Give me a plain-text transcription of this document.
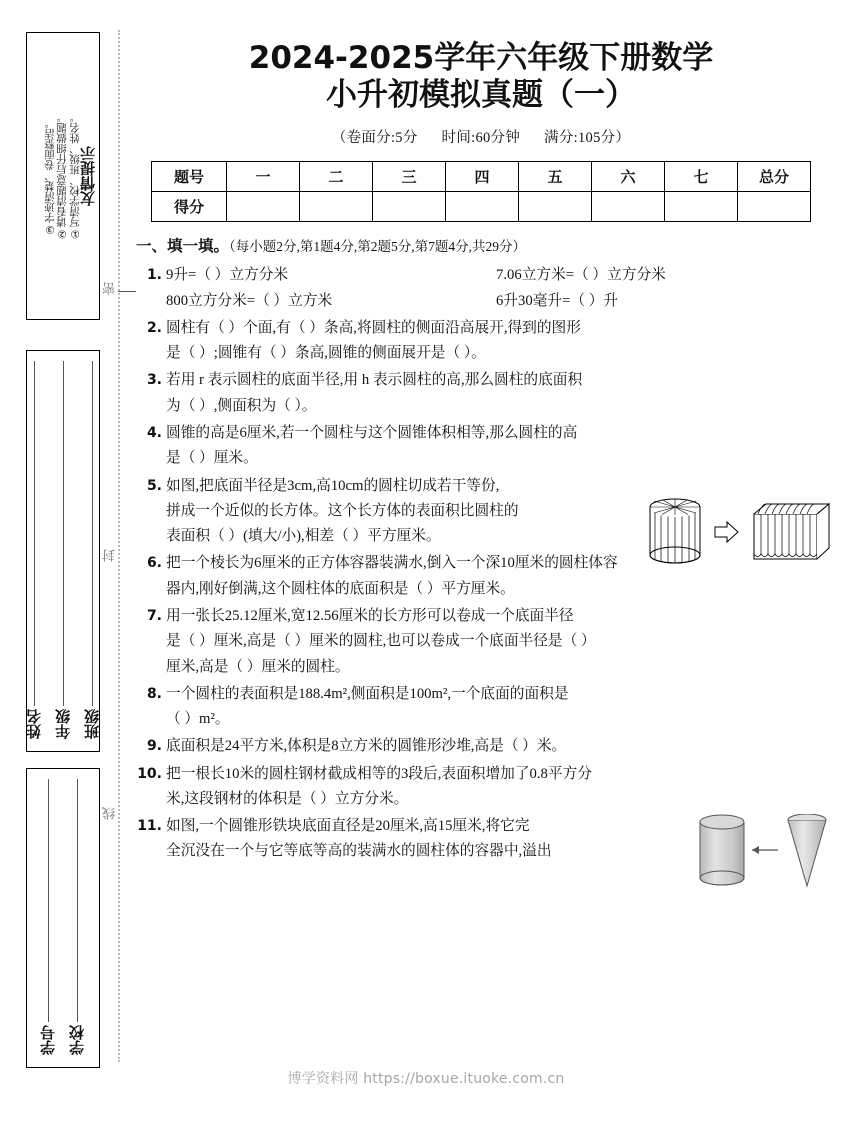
友情提示
①写清学校、班级、姓名。
②请看清题意后仔细做题。
③字迹清楚、卷面整洁。
班级
年级
姓名
学校
学号
密
封
线
2024-2025学年六年级下册数学
小升初模拟真题（一）
（卷面分:5分 时间:60分钟 满分:105分）
题号	一	二	三	四	五	六	七	总分
得分								
一、填一填。（每小题2分,第1题4分,第2题5分,第7题4分,共29分）
1. 9升=（ ）立方分米	7.06立方米=（ ）立方分米
800立方分米=（ ）立方米	6升30毫升=（ ）升
2. 圆柱有（ ）个面,有（ ）条高,将圆柱的侧面沿高展开,得到的图形
是（ ）;圆锥有（ ）条高,圆锥的侧面展开是（ ）。
3. 若用 r 表示圆柱的底面半径,用 h 表示圆柱的高,那么圆柱的底面积
为（ ）,侧面积为（ ）。
4. 圆锥的高是6厘米,若一个圆柱与这个圆锥体积相等,那么圆柱的高
是（ ）厘米。
5. 如图,把底面半径是3cm,高10cm的圆柱切成若干等份,
拼成一个近似的长方体。这个长方体的表面积比圆柱的
表面积（ ）(填大/小),相差（ ）平方厘米。
6. 把一个棱长为6厘米的正方体容器装满水,倒入一个深10厘米的圆柱体容
器内,刚好倒满,这个圆柱体的底面积是（ ）平方厘米。
7. 用一张长25.12厘米,宽12.56厘米的长方形可以卷成一个底面半径
是（ ）厘米,高是（ ）厘米的圆柱,也可以卷成一个底面半径是（ ）
厘米,高是（ ）厘米的圆柱。
8. 一个圆柱的表面积是188.4m²,侧面积是100m²,一个底面的面积是
（ ）m²。
9. 底面积是24平方米,体积是8立方米的圆锥形沙堆,高是（ ）米。
10. 把一根长10米的圆柱钢材截成相等的3段后,表面积增加了0.8平方分
米,这段钢材的体积是（ ）立方分米。
11. 如图,一个圆锥形铁块底面直径是20厘米,高15厘米,将它完
全沉没在一个与它等底等高的装满水的圆柱体的容器中,溢出
博学资料网 https://boxue.ituoke.com.cn
